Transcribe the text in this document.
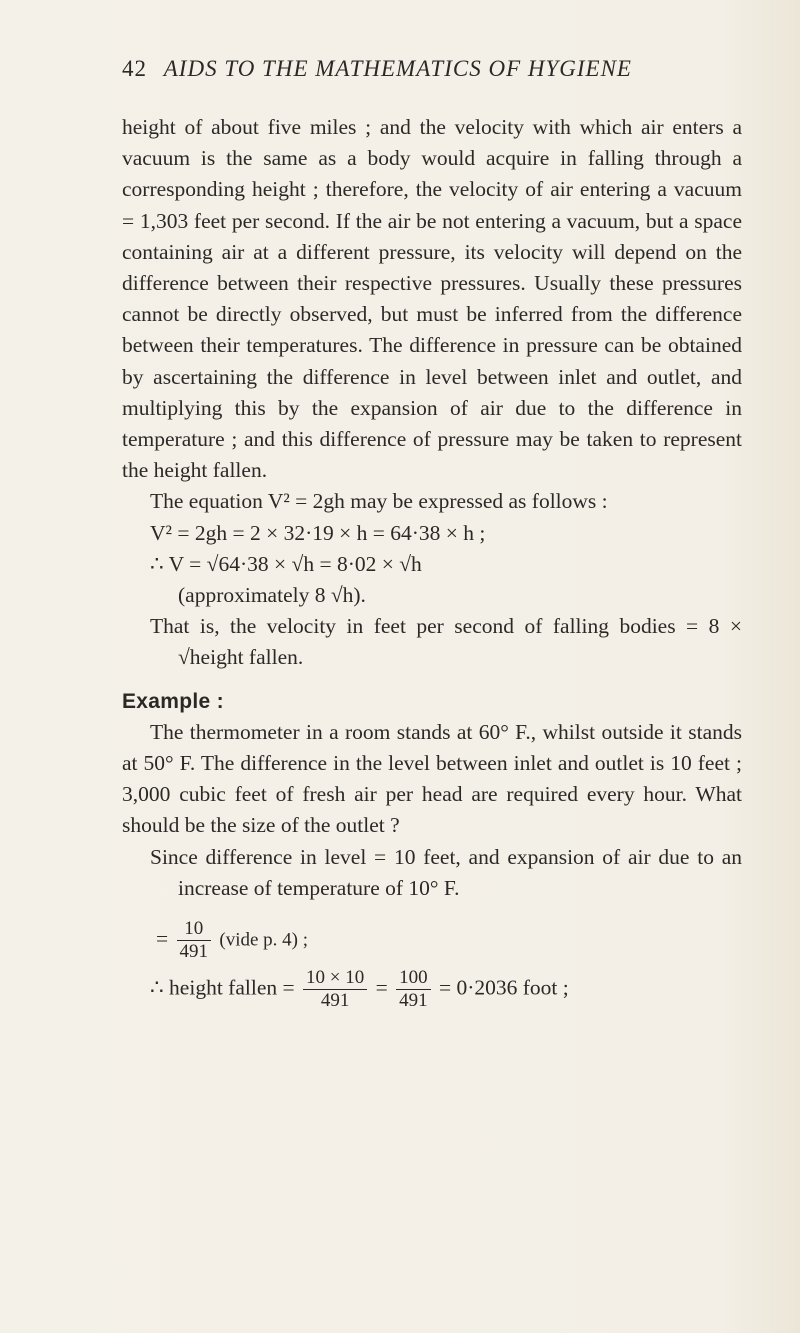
42 AIDS TO THE MATHEMATICS OF HYGIENE

height of about five miles ; and the velocity with which air enters a vacuum is the same as a body would acquire in falling through a corresponding height ; therefore, the velocity of air entering a vacuum = 1,303 feet per second. If the air be not entering a vacuum, but a space containing air at a different pressure, its velocity will depend on the difference between their respective pressures. Usually these pressures cannot be directly observed, but must be inferred from the difference between their temperatures. The difference in pressure can be obtained by ascertaining the difference in level between inlet and outlet, and multiplying this by the expansion of air due to the difference in temperature ; and this difference of pressure may be taken to represent the height fallen.

The equation V² = 2gh may be expressed as follows :

V² = 2gh = 2 × 32·19 × h = 64·38 × h ;

∴ V = √64·38 × √h = 8·02 × √h

(approximately 8 √h).

That is, the velocity in feet per second of falling bodies = 8 × √height fallen.

Example :

The thermometer in a room stands at 60° F., whilst outside it stands at 50° F. The difference in the level between inlet and outlet is 10 feet ; 3,000 cubic feet of fresh air per head are required every hour. What should be the size of the outlet ?

Since difference in level = 10 feet, and expansion of air due to an increase of temperature of 10° F.

= $\frac{10}{491}$ (vide p. 4) ;

∴ height fallen = $\frac{10 \times 10}{491} = \frac{100}{491} = 0\cdot 2036$ foot ;
